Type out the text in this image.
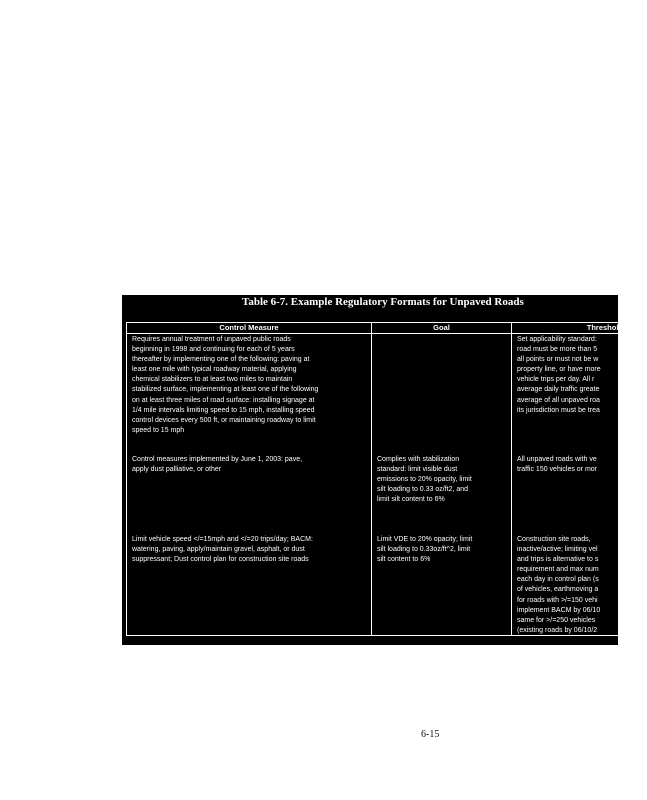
Table 6-7. Example Regulatory Formats for Unpaved Roads
Control Measure	Goal	Threshold
Requires annual treatment of unpaved public roads
beginning in 1998 and continuing for each of 5 years
thereafter by implementing one of the following: paving at
least one mile with typical roadway material, applying
chemical stabilizers to at least two miles to maintain
stabilized surface, implementing at least one of the following
on at least three miles of road surface: installing signage at
1/4 mile intervals limiting speed to 15 mph, installing speed
control devices every 500 ft, or maintaining roadway to limit
speed to 15 mph
Set applicability standard:
road must be more than 5
all points or must not be w
property line, or have more
vehicle trips per day. All r
average daily traffic greate
average of all unpaved roa
its jurisdiction must be trea
Control measures implemented by June 1, 2003: pave,
apply dust palliative, or other
Complies with stabilization
standard: limit visible dust
emissions to 20% opacity, limit
silt loading to 0.33 oz/ft2, and
limit silt content to 6%
All unpaved roads with ve
traffic 150 vehicles or mor
Limit vehicle speed </=15mph and </=20 trips/day; BACM:
watering, paving, apply/maintain gravel, asphalt, or dust
suppressant; Dust control plan for construction site roads
Limit VDE to 20% opacity; limit
silt loading to 0.33oz/ft^2, limit
silt content to 6%
Construction site roads,
inactive/active; limiting vel
and trips is alternative to s
requirement and max num
each day in control plan (s
of vehicles, earthmoving a
for roads with >/=150 vehi
implement BACM by 06/10
same for >/=250 vehicles
(existing roads by 06/10/2
6-15
